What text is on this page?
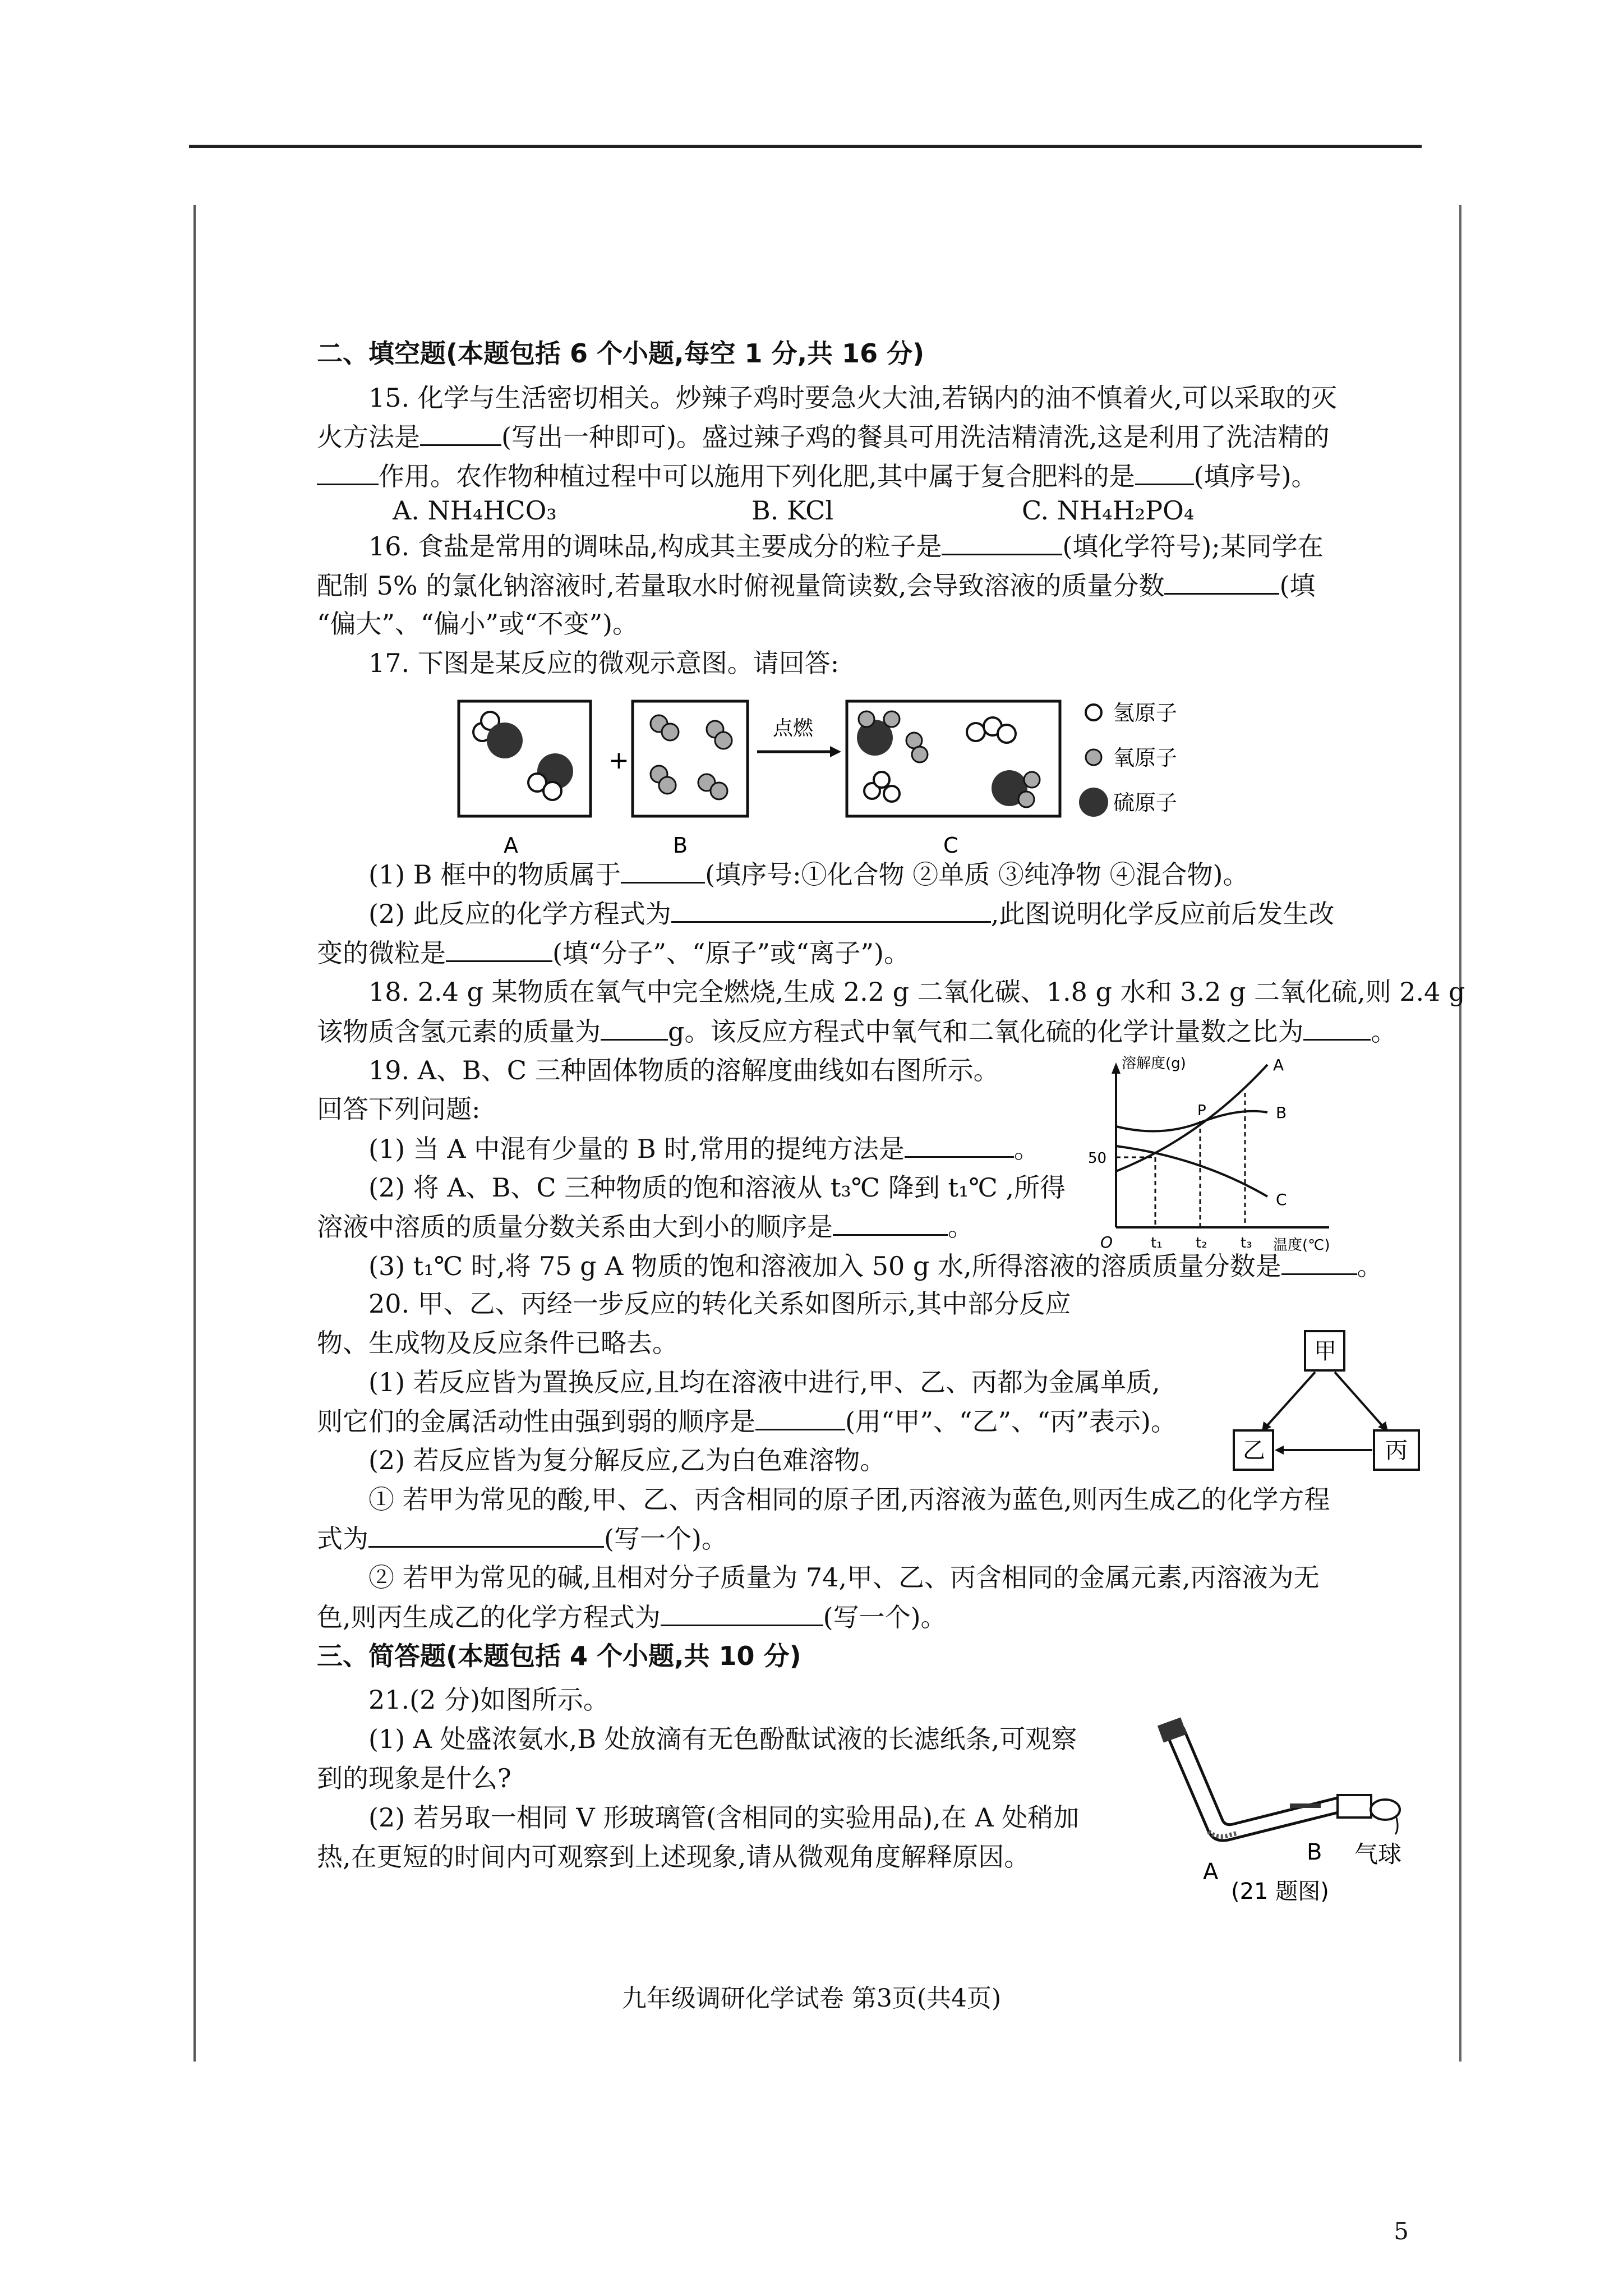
二、填空题(本题包括 6 个小题,每空 1 分,共 16 分)
15. 化学与生活密切相关。炒辣子鸡时要急火大油,若锅内的油不慎着火,可以采取的灭
火方法是	(写出一种即可)。盛过辣子鸡的餐具可用洗洁精清洗,这是利用了洗洁精的
作用。农作物种植过程中可以施用下列化肥,其中属于复合肥料的是 (填序号)。
A. NH₄HCO₃	B. KCl	C. NH₄H₂PO₄
16. 食盐是常用的调味品,构成其主要成分的粒子是	(填化学符号);某同学在
配制 5% 的氯化钠溶液时,若量取水时俯视量筒读数,会导致溶液的质量分数	(填
“偏大”、“偏小”或“不变”)。
17. 下图是某反应的微观示意图。请回答:
+
点燃
氢原子
氧原子
硫原子
A	B	C
(1) B 框中的物质属于	(填序号:①化合物 ②单质 ③纯净物 ④混合物)。
(2) 此反应的化学方程式为	,此图说明化学反应前后发生改
变的微粒是	(填“分子”、“原子”或“离子”)。
18. 2.4 g 某物质在氧气中完全燃烧,生成 2.2 g 二氧化碳、1.8 g 水和 3.2 g 二氧化硫,则 2.4 g
该物质含氢元素的质量为	g。该反应方程式中氧气和二氧化硫的化学计量数之比为	。
19. A、B、C 三种固体物质的溶解度曲线如右图所示。
回答下列问题:
(1) 当 A 中混有少量的 B 时,常用的提纯方法是	。
(2) 将 A、B、C 三种物质的饱和溶液从 t₃℃ 降到 t₁℃ ,所得
溶液中溶质的质量分数关系由大到小的顺序是	。
(3) t₁℃ 时,将 75 g A 物质的饱和溶液加入 50 g 水,所得溶液的溶质质量分数是	。
溶解度(g)
温度(℃)
50
O	t₁ t₂ t₃
A
B
C
P
20. 甲、乙、丙经一步反应的转化关系如图所示,其中部分反应
物、生成物及反应条件已略去。
(1) 若反应皆为置换反应,且均在溶液中进行,甲、乙、丙都为金属单质,
则它们的金属活动性由强到弱的顺序是	(用“甲”、“乙”、“丙”表示)。
(2) 若反应皆为复分解反应,乙为白色难溶物。
① 若甲为常见的酸,甲、乙、丙含相同的原子团,丙溶液为蓝色,则丙生成乙的化学方程
式为	(写一个)。
② 若甲为常见的碱,且相对分子质量为 74,甲、乙、丙含相同的金属元素,丙溶液为无
色,则丙生成乙的化学方程式为	(写一个)。
甲
乙	丙
三、简答题(本题包括 4 个小题,共 10 分)
21.(2 分)如图所示。
(1) A 处盛浓氨水,B 处放滴有无色酚酞试液的长滤纸条,可观察
到的现象是什么?
(2) 若另取一相同 V 形玻璃管(含相同的实验用品),在 A 处稍加
热,在更短的时间内可观察到上述现象,请从微观角度解释原因。	A
B 气球
(21 题图)
九年级调研化学试卷 第3页(共4页)
5
